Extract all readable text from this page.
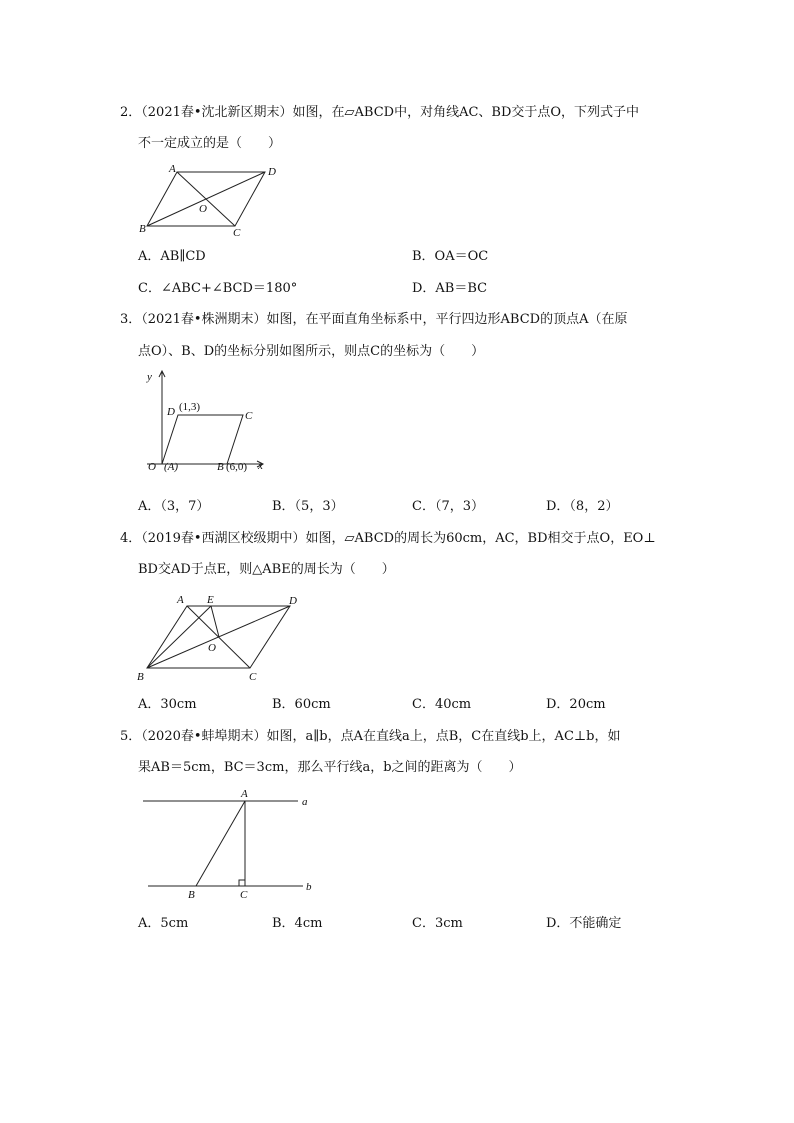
2．（2021春•沈北新区期末）如图，在▱ABCD中，对角线AC、BD交于点O，下列式子中
不一定成立的是（　　）
A	D
O
B	C
A．AB∥CD	B．OA＝OC
C．∠ABC+∠BCD＝180°	D．AB＝BC
3．（2021春•株洲期末）如图，在平面直角坐标系中，平行四边形ABCD的顶点A（在原
点O）、B、D的坐标分别如图所示，则点C的坐标为（　　）
y
D (1,3)
C
O (A)	B (6,0) x
A．（3，7）	B．（5，3）	C．（7，3）	D．（8，2）
4．（2019春•西湖区校级期中）如图，▱ABCD的周长为60cm，AC，BD相交于点O，EO⊥
BD交AD于点E，则△ABE的周长为（　　）
A E	D
O
B	C
A．30cm	B．60cm	C．40cm	D．20cm
5．（2020春•蚌埠期末）如图，a∥b，点A在直线a上，点B，C在直线b上，AC⊥b，如
果AB＝5cm，BC＝3cm，那么平行线a，b之间的距离为（　　）
A
a
B	C
b
A．5cm	B．4cm	C．3cm	D．不能确定
